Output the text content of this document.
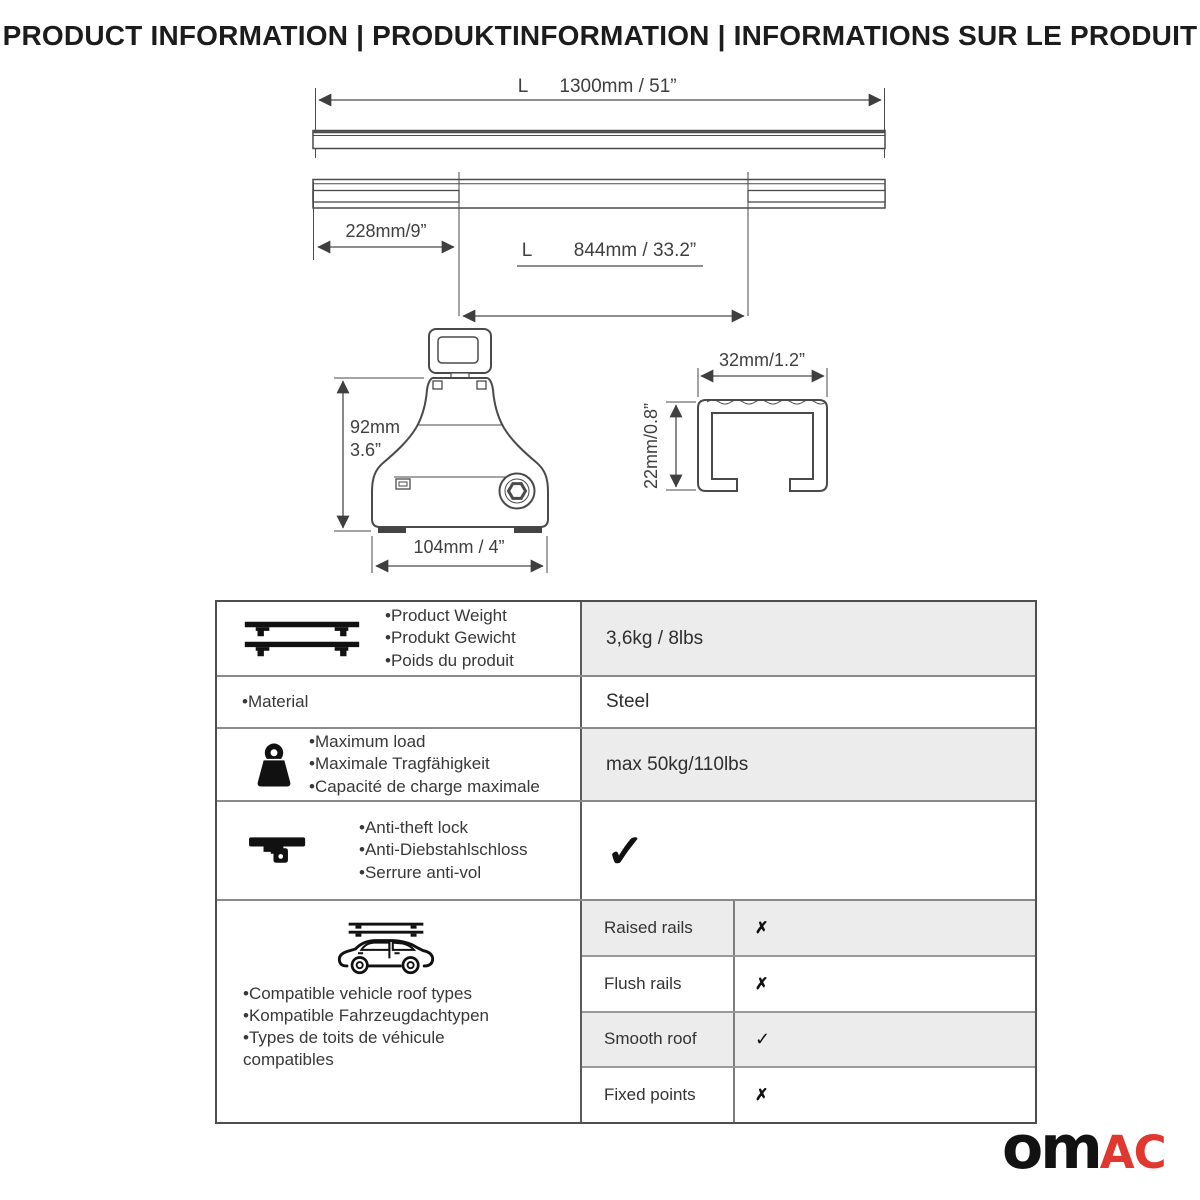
PRODUCT INFORMATION | PRODUKTINFORMATION | INFORMATIONS SUR LE PRODUIT
L 1300mm / 51”
228mm/9”
L 844mm / 33.2”
92mm
3.6”
104mm / 4”
32mm/1.2”
22mm/0.8”
•Product Weight
•Produkt Gewicht
•Poids du produit
3,6kg / 8lbs
•Material	Steel
•Maximum load
•Maximale Tragfähigkeit
•Capacité de charge maximale
max 50kg/110lbs
•Anti-theft lock
•Anti-Diebstahlschloss
•Serrure anti-vol	✓
•Compatible vehicle roof types
•Kompatible Fahrzeugdachtypen
•Types de toits de véhicule
compatibles
Raised rails	✗
Flush rails	✗
Smooth roof	✓
Fixed points	✗
omAC
